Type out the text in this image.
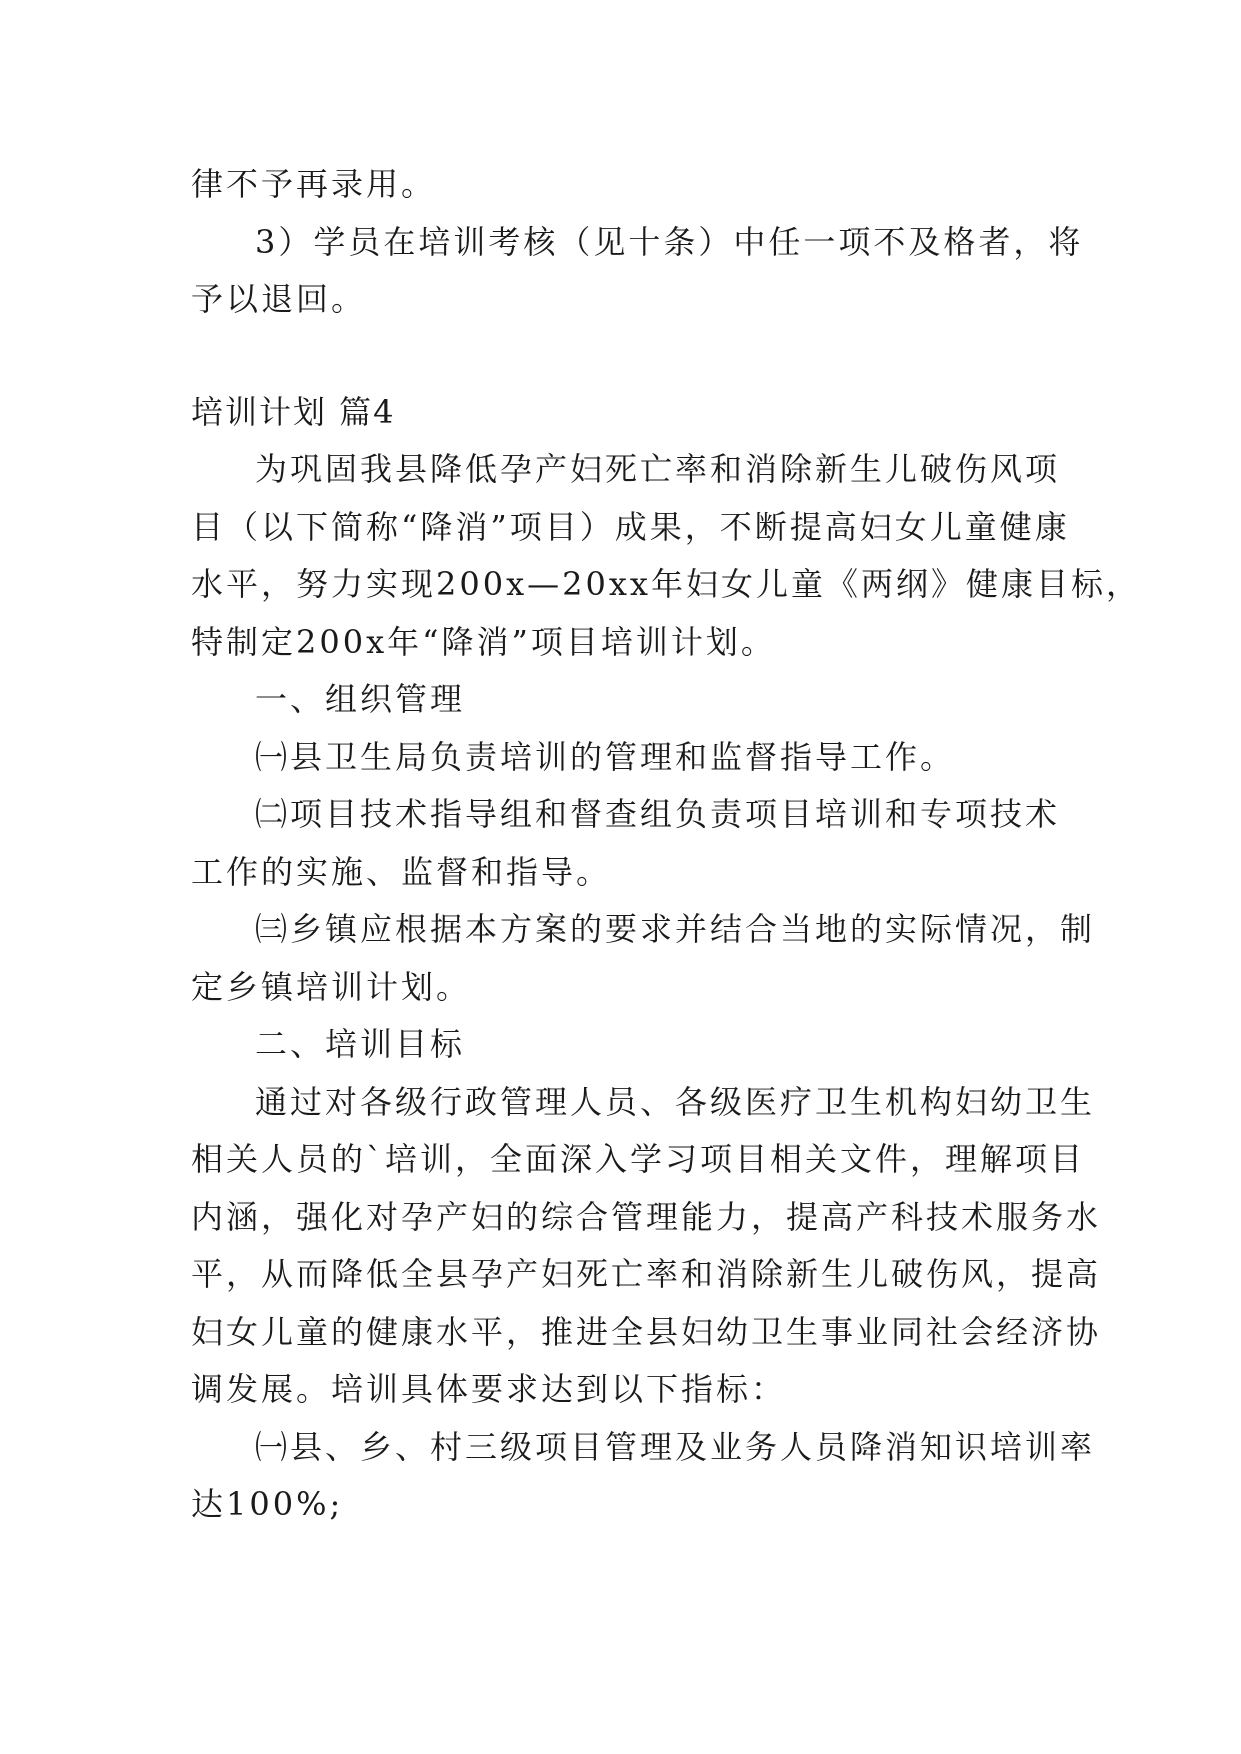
律不予再录用。
3）学员在培训考核（见十条）中任一项不及格者，将
予以退回。
培训计划 篇4
为巩固我县降低孕产妇死亡率和消除新生儿破伤风项
目（以下简称“降消”项目）成果，不断提高妇女儿童健康
水平，努力实现200x—20xx年妇女儿童《两纲》健康目标，
特制定200x年“降消”项目培训计划。
一、组织管理
㈠县卫生局负责培训的管理和监督指导工作。
㈡项目技术指导组和督查组负责项目培训和专项技术
工作的实施、监督和指导。
㈢乡镇应根据本方案的要求并结合当地的实际情况，制
定乡镇培训计划。
二、培训目标
通过对各级行政管理人员、各级医疗卫生机构妇幼卫生
相关人员的`培训，全面深入学习项目相关文件，理解项目
内涵，强化对孕产妇的综合管理能力，提高产科技术服务水
平，从而降低全县孕产妇死亡率和消除新生儿破伤风，提高
妇女儿童的健康水平，推进全县妇幼卫生事业同社会经济协
调发展。培训具体要求达到以下指标：
㈠县、乡、村三级项目管理及业务人员降消知识培训率
达100%;
